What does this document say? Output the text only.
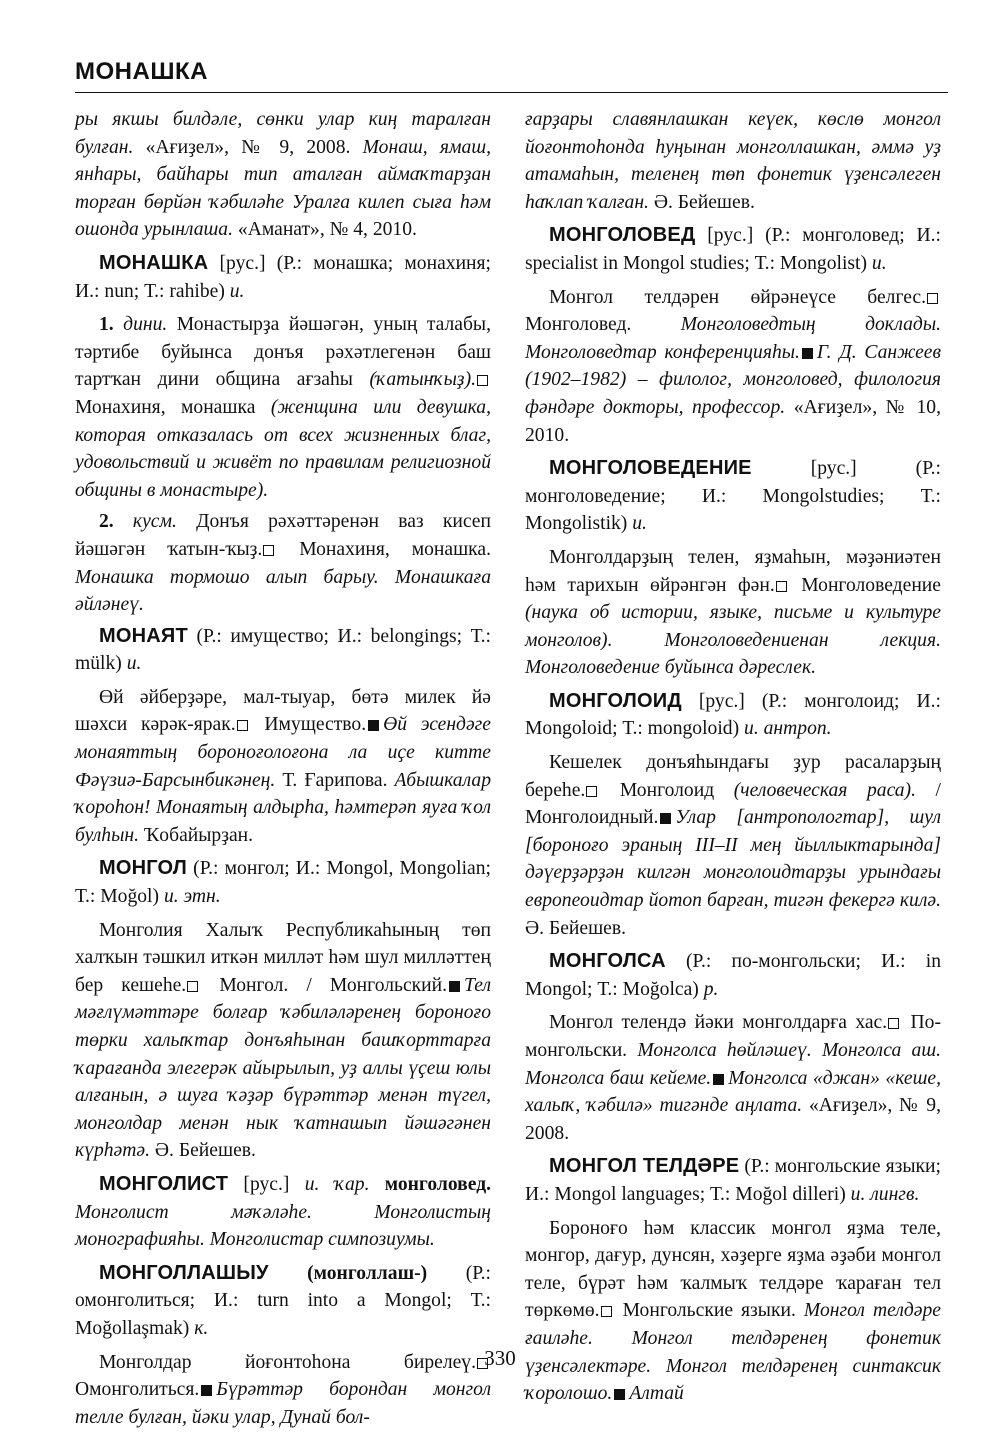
МОНАШКА

ры якшы билдәле, сөнки улар киң таралған булған. «Ағиҙел», № 9, 2008. Монаш, ямаш, янһары, байһары тип аталған аймаҡтарҙан торған бөрйән ҡәбиләһе Уралға килеп сыға һәм ошонда урынлаша. «Аманат», № 4, 2010.

МОНАШКА [рус.] (Р.: монашка; монахиня; И.: nun; Т.: rahibe) и.

1. дини. Монастырҙа йәшәгән, уның талабы, тәртибе буйынса донъя рәхәтлегенән баш тартҡан дини община ағзаһы (ҡатынҡыҙ). Монахиня, монашка (женщина или девушка, которая отказалась от всех жизненных благ, удовольствий и живёт по правилам религиозной общины в монастыре).

2. кусм. Донъя рәхәттәренән ваз кисеп йәшәгән ҡатын-ҡыҙ. Монахиня, монашка. Монашка тормошо алып барыу. Монашкаға әйләнеү.

МОНАЯТ (Р.: имущество; И.: belongings; Т.: mülk) и.

Өй әйберҙәре, мал-тыуар, бөтә милек йә шәхси кәрәк-ярак. Имущество. Өй эсендәге монаяттың бороноғолоғона ла иҫе китте Фәүзиә-Барсынбикәнең. Т. Ғарипова. Абышкалар ҡороһон! Монаятың алдырһа, һәмтерәп яуға ҡол булһын. Ҡобайырҙан.

МОНГОЛ (Р.: монгол; И.: Mongol, Mongolian; Т.: Moğol) и. этн.

Монголия Халыҡ Республикаһының төп халҡын тәшкил иткән милләт һәм шул милләттең бер кешеһе. Монгол. / Монгольский. Тел мәғлүмәттәре болғар ҡәбиләләренең бороноғо төрки халыҡтар донъяһынан башҡорттарға ҡарағанда элегерәк айырылып, уҙ аллы үҫеш юлы алғанын, ә шуға ҡәҙәр бүрәттәр менән түгел, монголдар менән нык ҡатнашып йәшәгәнен күрһәтә. Ә. Бейешев.

МОНГОЛИСТ [рус.] и. ҡар. монголовед. Монголист мәҡәләһе. Монголистың монографияһы. Монголистар симпозиумы.

МОНГОЛЛАШЫУ (монголлаш-) (Р.: омонголиться; И.: turn into a Mongol; Т.: Moğollaşmak) к.

Монголдар йоғонтоһона бирелеү. Омонголиться. Бүрәттәр борондан монгол телле булған, йәки улар, Дунай бол-

ғарҙары славянлашкан кеүек, көслө монгол йоғонтоһонда һуңынан монголлашкан, әммә уҙ атамаһын, теленең төп фонетик үҙенсәлеген һаҡлап ҡалған. Ә. Бейешев.

МОНГОЛОВЕД [рус.] (Р.: монголовед; И.: specialist in Mongol studies; Т.: Mongolist) и.

Монгол телдәрен өйрәнеүсе белгес. Монголовед. Монголоведтың доклады. Монголоведтар конференцияһы. Г. Д. Санжеев (1902–1982) – филолог, монголовед, филология фәндәре докторы, профессор. «Ағиҙел», № 10, 2010.

МОНГОЛОВЕДЕНИЕ [рус.] (Р.: монголоведение; И.: Mongolstudies; Т.: Mongolistik) и.

Монголдарҙың телен, яҙмаһын, мәҙәниәтен һәм тарихын өйрәнгән фән. Монголоведение (наука об истории, языке, письме и культуре монголов). Монголоведениенан лекция. Монголоведение буйынса дәреслек.

МОНГОЛОИД [рус.] (Р.: монголоид; И.: Mongoloid; Т.: mongoloid) и. антроп.

Кешелек донъяһындағы ҙур расаларҙың береһе. Монголоид (человеческая раса). / Монголоидный. Улар [антропологтар], шул [бороноғо эраның III–II мең йыллыктарында] дәүерҙәрҙән килгән монголоидтарҙы урындағы европеоидтар йотоп барған, тигән фекергә килә. Ә. Бейешев.

МОНГОЛСА (Р.: по-монгольски; И.: in Mongol; Т.: Moğolca) р.

Монгол телендә йәки монголдарға хас. По-монгольски. Монголса һөйләшеү. Монголса аш. Монголса баш кейеме. Монголса «джан» «кеше, халыҡ, ҡәбилә» тигәнде аңлата. «Ағиҙел», № 9, 2008.

МОНГОЛ ТЕЛДӘРЕ (Р.: монгольские языки; И.: Mongol languages; Т.: Moğol dilleri) и. лингв.

Бороноғо һәм классик монгол яҙма теле, монгор, дағур, дунсян, хәҙерге яҙма әҙәби монгол теле, бүрәт һәм ҡалмыҡ телдәре ҡараған тел төркөмө. Монгольские языки. Монгол телдәре ғаиләһе. Монгол телдәренең фонетик үҙенсәлектәре. Монгол телдәренең синтаксик ҡоролошо. Алтай

330
